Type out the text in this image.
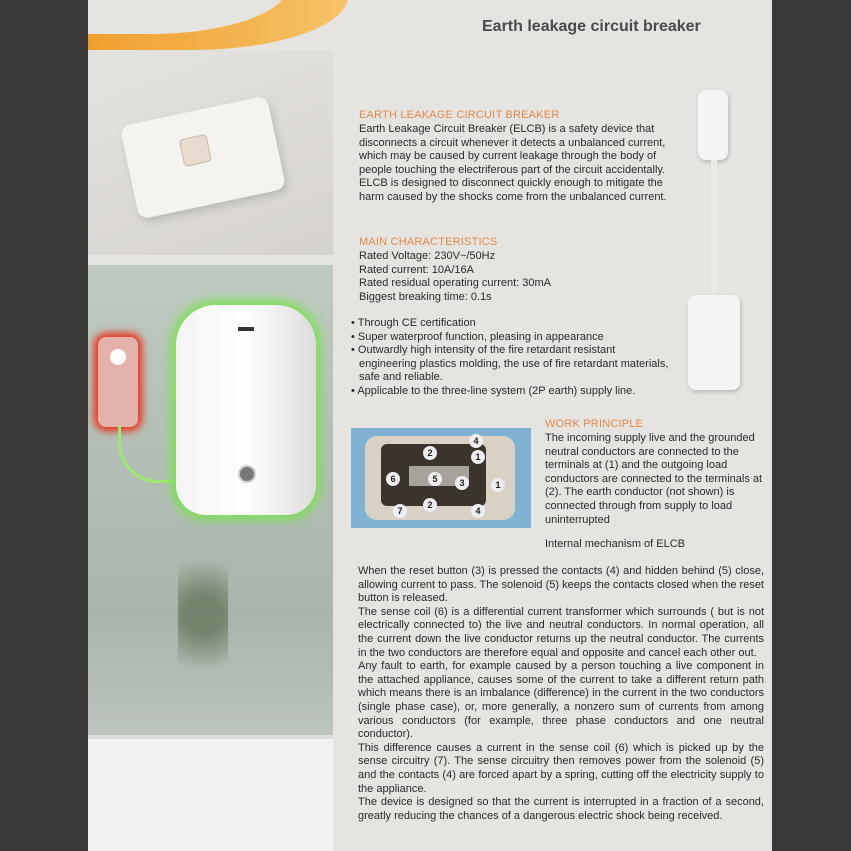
Earth leakage circuit breaker
EARTH LEAKAGE CIRCUIT BREAKER
Earth Leakage Circuit Breaker (ELCB) is a safety device that disconnects a circuit whenever it detects a unbalanced current, which may be caused by current leakage through the body of people touching the electriferous part of the circuit accidentally. ELCB is designed to disconnect quickly enough to mitigate the harm caused by the shocks come from the unbalanced current.
MAIN CHARACTERISTICS

Rated Voltage: 230V~/50Hz

Rated current: 10A/16A

Rated residual operating current: 30mA

Biggest breaking time: 0.1s

• Through CE certification
• Super waterproof function, pleasing in appearance
• Outwardly high intensity of the fire retardant resistant engineering plastics molding, the use of fire retardant materials, safe and reliable.
• Applicable to the three-line system (2P earth) supply line.
1
1
2
2
3
4
4
5
6
7
WORK PRINCIPLE
The incoming supply live and the grounded neutral conductors are connected to the terminals at (1) and the outgoing load conductors are connected to the terminals at (2). The earth conductor (not shown) is connected through from supply to load uninterrupted
Internal mechanism of ELCB

When the reset button (3) is pressed the contacts (4) and hidden behind (5) close, allowing current to pass. The solenoid (5) keeps the contacts closed when the reset button is released.

The sense coil (6) is a differential current transformer which surrounds ( but is not electrically connected to) the live and neutral conductors. In normal operation, all the current down the live conductor returns up the neutral conductor. The currents in the two conductors are therefore equal and opposite and cancel each other out.

Any fault to earth, for example caused by a person touching a live component in the attached appliance, causes some of the current to take a different return path which means there is an imbalance (difference) in the current in the two conductors (single phase case), or, more generally, a nonzero sum of currents from among various conductors (for example, three phase conductors and one neutral conductor).

This difference causes a current in the sense coil (6) which is picked up by the sense circuitry (7). The sense circuitry then removes power from the solenoid (5) and the contacts (4) are forced apart by a spring, cutting off the electricity supply to the appliance.

The device is designed so that the current is interrupted in a fraction of a second, greatly reducing the chances of a dangerous electric shock being received.
